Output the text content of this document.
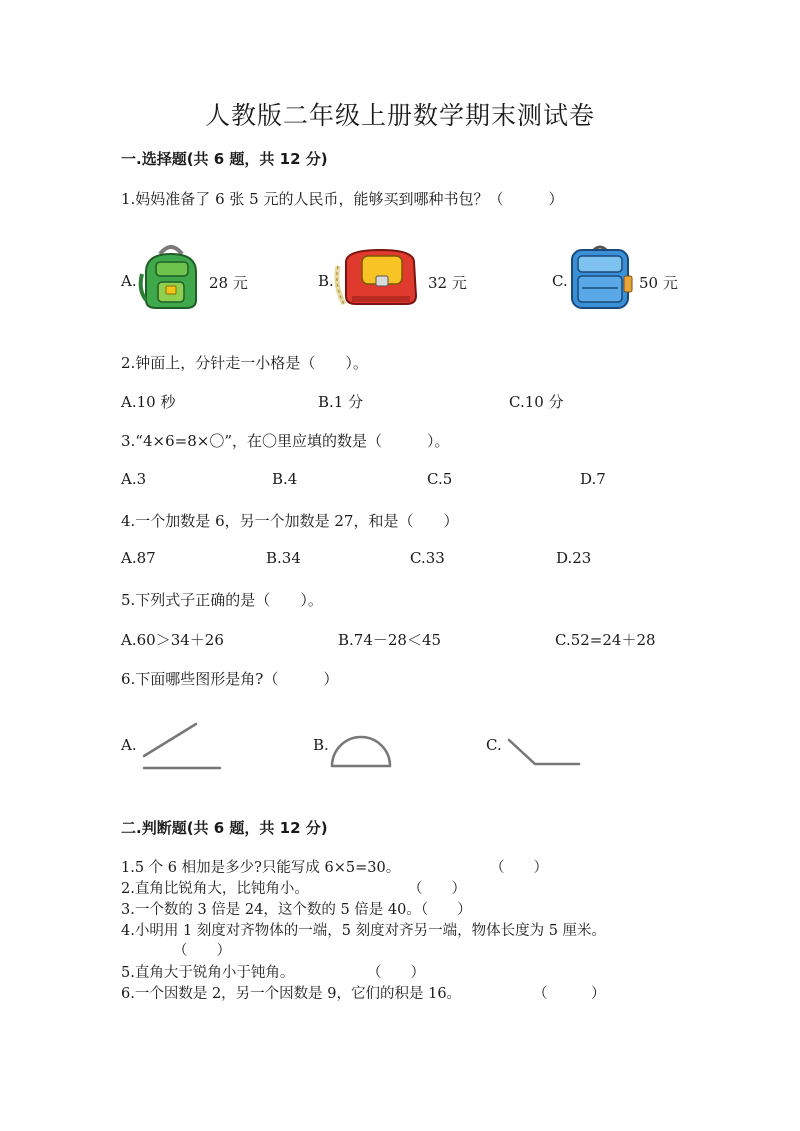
人教版二年级上册数学期末测试卷
一.选择题(共 6 题，共 12 分)
1.妈妈准备了 6 张 5 元的人民币，能够买到哪种书包？（　　　）
A.	28 元	B.	32 元	C.	50 元
2.钟面上，分针走一小格是（　　）。
A.10 秒	B.1 分	C.10 分
3.“4×6=8×〇”，在〇里应填的数是（　　　）。
A.3	B.4	C.5	D.7
4.一个加数是 6，另一个加数是 27，和是（　　）
A.87	B.34	C.33	D.23
5.下列式子正确的是（　　）。
A.60＞34＋26	B.74－28＜45	C.52=24＋28
6.下面哪些图形是角?（　　　）
A.	B.	C.
二.判断题(共 6 题，共 12 分)
1.5 个 6 相加是多少?只能写成 6×5=30。	（　　）
2.直角比锐角大，比钝角小。	（　　）
3.一个数的 3 倍是 24，这个数的 5 倍是 40。（　　）
4.小明用 1 刻度对齐物体的一端，5 刻度对齐另一端，物体长度为 5 厘米。
（　　）
5.直角大于锐角小于钝角。	（　　）
6.一个因数是 2，另一个因数是 9，它们的积是 16。	（　　　）
